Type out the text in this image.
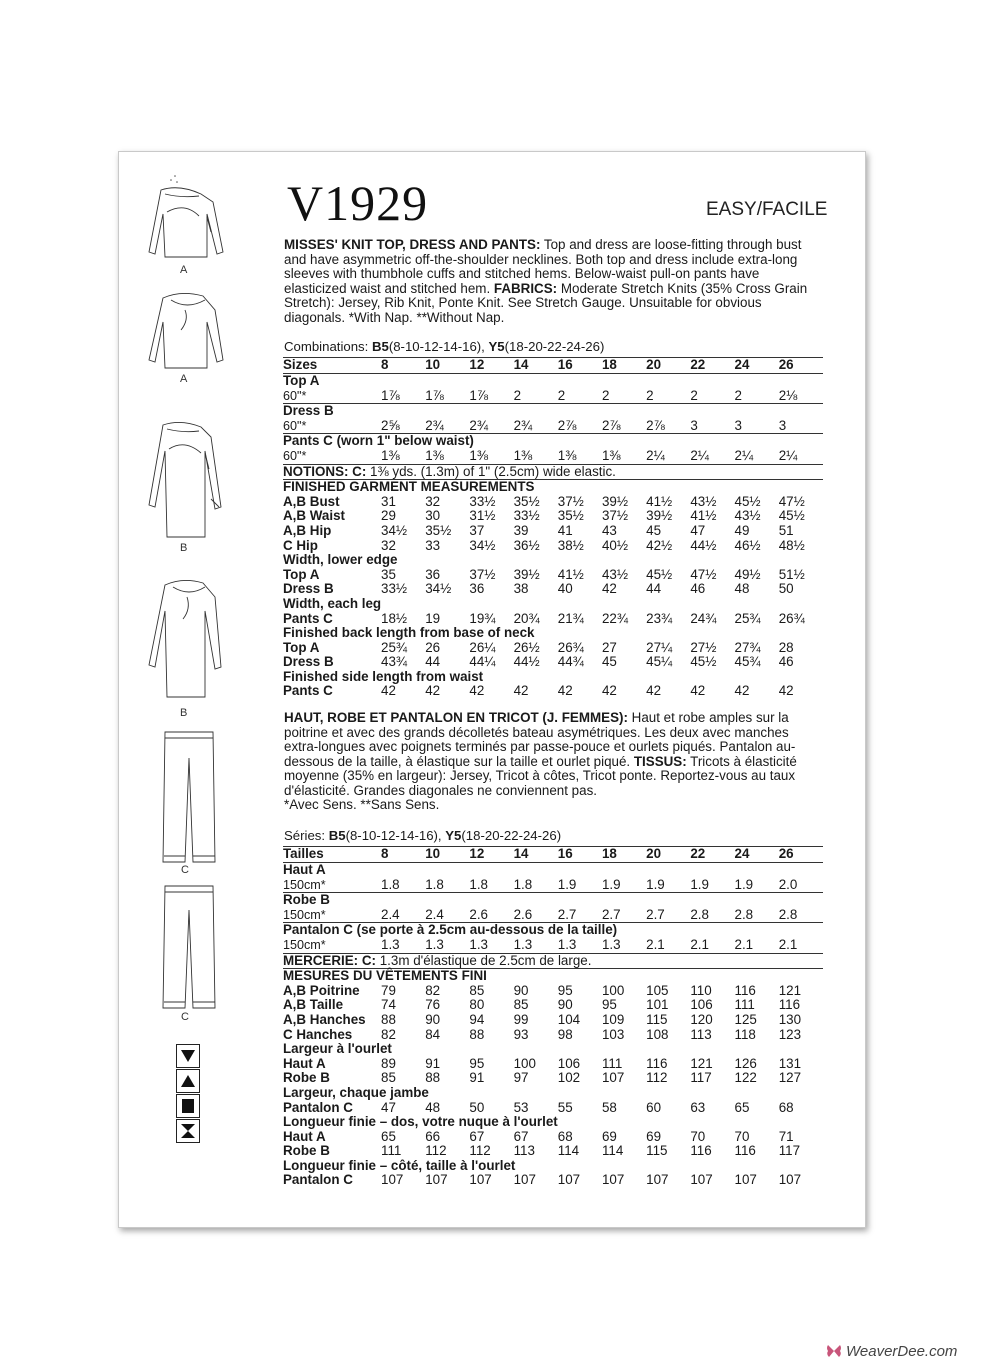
A
A
B
B
C
C
V1929	EASY/FACILE
MISSES' KNIT TOP, DRESS AND PANTS: Top and dress are loose-fitting through bust and have asymmetric off-the-shoulder necklines. Both top and dress include extra-long sleeves with thumbhole cuffs and stitched hems. Below-waist pull-on pants have elasticized waist and stitched hem. FABRICS: Moderate Stretch Knits (35% Cross Grain Stretch): Jersey, Rib Knit, Ponte Knit. See Stretch Gauge. Unsuitable for obvious diagonals. *With Nap. **Without Nap.
Combinations: B5(8-10-12-14-16), Y5(18-20-22-24-26)
Sizes	8	10	12	14	16	18	20	22	24	26
Top A										
60"*	1⅞	1⅞	1⅞	2	2	2	2	2	2	2⅛
Dress B										
60"*	2⅝	2¾	2¾	2¾	2⅞	2⅞	2⅞	3	3	3
Pants C (worn 1" below waist)										
60"*	1⅜	1⅜	1⅜	1⅜	1⅜	1⅜	2¼	2¼	2¼	2¼
NOTIONS: C: 1⅜ yds. (1.3m) of 1" (2.5cm) wide elastic.										
FINISHED GARMENT MEASUREMENTS										
A,B Bust	31	32	33½	35½	37½	39½	41½	43½	45½	47½
A,B Waist	29	30	31½	33½	35½	37½	39½	41½	43½	45½
A,B Hip	34½	35½	37	39	41	43	45	47	49	51
C Hip	32	33	34½	36½	38½	40½	42½	44½	46½	48½
Width, lower edge										
Top A	35	36	37½	39½	41½	43½	45½	47½	49½	51½
Dress B	33½	34½	36	38	40	42	44	46	48	50
Width, each leg										
Pants C	18½	19	19¾	20¾	21¾	22¾	23¾	24¾	25¾	26¾
Finished back length from base of neck										
Top A	25¾	26	26¼	26½	26¾	27	27¼	27½	27¾	28
Dress B	43¾	44	44¼	44½	44¾	45	45¼	45½	45¾	46
Finished side length from waist										
Pants C	42	42	42	42	42	42	42	42	42	42
HAUT, ROBE ET PANTALON EN TRICOT (J. FEMMES): Haut et robe amples sur la poitrine et avec des grands décolletés bateau asymétriques. Les deux avec manches extra-longues avec poignets terminés par passe-pouce et ourlets piqués. Pantalon au-dessous de la taille, à élastique sur la taille et ourlet piqué. TISSUS: Tricots à élasticité moyenne (35% en largeur): Jersey, Tricot à côtes, Tricot ponte. Reportez-vous au taux d'élasticité. Grandes diagonales ne conviennent pas.
*Avec Sens. **Sans Sens.
Séries: B5(8-10-12-14-16), Y5(18-20-22-24-26)
Tailles	8	10	12	14	16	18	20	22	24	26
Haut A										
150cm*	1.8	1.8	1.8	1.8	1.9	1.9	1.9	1.9	1.9	2.0
Robe B										
150cm*	2.4	2.4	2.6	2.6	2.7	2.7	2.7	2.8	2.8	2.8
Pantalon C (se porte à 2.5cm au-dessous de la taille)										
150cm*	1.3	1.3	1.3	1.3	1.3	1.3	2.1	2.1	2.1	2.1
MERCERIE: C: 1.3m d'élastique de 2.5cm de large.										
MESURES DU VÊTEMENTS FINI										
A,B Poitrine	79	82	85	90	95	100	105	110	116	121
A,B Taille	74	76	80	85	90	95	101	106	111	116
A,B Hanches	88	90	94	99	104	109	115	120	125	130
C Hanches	82	84	88	93	98	103	108	113	118	123
Largeur à l'ourlet										
Haut A	89	91	95	100	106	111	116	121	126	131
Robe B	85	88	91	97	102	107	112	117	122	127
Largeur, chaque jambe										
Pantalon C	47	48	50	53	55	58	60	63	65	68
Longueur finie – dos, votre nuque à l'ourlet										
Haut A	65	66	67	67	68	69	69	70	70	71
Robe B	111	112	112	113	114	114	115	116	116	117
Longueur finie – côté, taille à l'ourlet										
Pantalon C	107	107	107	107	107	107	107	107	107	107
WeaverDee.com
